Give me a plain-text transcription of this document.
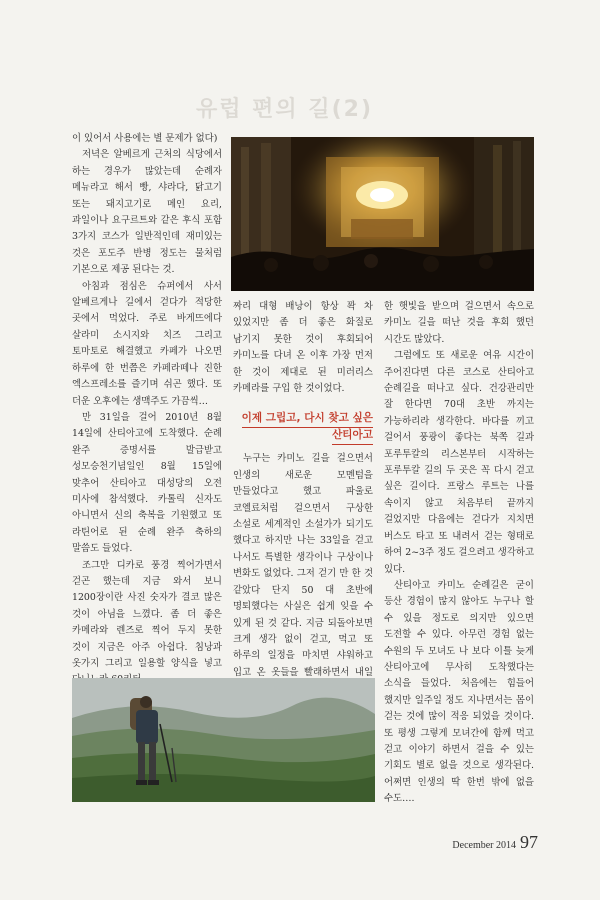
유럽 편의 길(2)

이 있어서 사용에는 별 문제가 없다)

저녁은 알베르게 근처의 식당에서 하는 경우가 많았는데 순례자 메뉴라고 해서 빵, 샤라다, 닭고기 또는 돼지고기로 메인 요리, 과일이나 요구르트와 같은 후식 포함 3가지 코스가 일반적인데 재미있는 것은 포도주 반병 정도는 물처럼 기본으로 제공 된다는 것.

아침과 점심은 슈퍼에서 사서 알베르게나 길에서 걷다가 적당한 곳에서 먹었다. 주로 바게뜨에다 살라미 소시지와 치즈 그리고 토마토로 해결했고 카페가 나오면 하루에 한 번쯤은 카페라떼나 진한 엑스프레소를 즐기며 쉬곤 했다. 또 더운 오후에는 생맥주도 가끔씩…

만 31일을 걸어 2010년 8월 14일에 산티아고에 도착했다. 순례 완주 증명서를 발급받고 성모승천기념일인 8월 15일에 맞추어 산티아고 대성당의 오전 미사에 참석했다. 카톨릭 신자도 아니면서 신의 축복을 기원했고 또 라틴어로 된 순례 완주 축하의 말씀도 들었다.

조그만 디카로 풍경 찍어가면서 걷곤 했는데 지금 와서 보니 1200장이란 사진 숫자가 결코 많은 것이 아님을 느꼈다. 좀 더 좋은 카메라와 렌즈로 찍어 두지 못한 것이 지금은 아주 아쉽다. 침낭과 옷가지 그리고 일용할 양식을 넣고

짜리 대형 배낭이 항상 꽉 차 있었지만 좀 더 좋은 화질로 남기지 못한 것이 후회되어 카미노를 다녀 온 이후 가장 먼저 한 것이 제대로 된 미러리스 카메라를 구입 한 것이었다.

이제 그립고, 다시 찾고 싶은
산티아고

누구는 카미노 길을 걸으면서 인생의 새로운 모멘텀을 만들었다고 했고 파울로 코엘료처럼 걸으면서 구상한 소설로 세계적인 소설가가 되기도 했다고 하지만 나는 33일을 걷고 나서도 특별한 생각이나 구상이나 변화도 없었다. 그저 걷기 만 한 것 같았다 단지 50 대 초반에 명퇴했다는 사실은 쉽게 잊을 수 있게 된 것 같다. 지금 되돌아보면 크게 생각 없이 걷고, 먹고 또 하루의 일정을 마치면 샤워하고 입고 온 옷들을 빨래하면서 내일

한 햇빛을 받으며 걸으면서 속으로 카미노 길을 떠난 것을 후회 했던 시간도 많았다.

그럼에도 또 새로운 여유 시간이 주어진다면 다른 코스로 산티아고 순례길을 떠나고 싶다. 건강관리만 잘 한다면 70대 초반 까지는 가능하리라 생각한다. 바다를 끼고 걸어서 풍광이 좋다는 북쪽 길과 포루투칼의 리스본부터 시작하는 포루투칼 길의 두 곳은 꼭 다시 걷고 싶은 길이다. 프랑스 루트는 나를 속이지 않고 처음부터 끝까지 걸었지만 다음에는 걷다가 지치면 버스도 타고 또 내려서 걷는 형태로 하여 2~3주 정도 걸으려고 생각하고 있다.

산티아고 카미노 순례길은 굳이 등산 경험이 많지 않아도 누구나 할 수 있을 정도로 의지만 있으면 도전할 수 있다. 아무런 경험 없는 수원의 두 모녀도 나 보다 이틀 늦게 산티아고에 무사히 도착했다는 소식을 들었다. 처음에는 힘들어 했지만 일주일 정도 지나면서는 몸이 걷는 것에 많이 적응 되었을 것이다. 또 평생 그렇게 모녀간에 함께 먹고 걷고 이야기 하면서 걸을 수 있는 기회도 별로 없을 것으로 생각된다. 어쩌면 인생의 딱 한번 밖에 없을 수도….

December 2014 97
